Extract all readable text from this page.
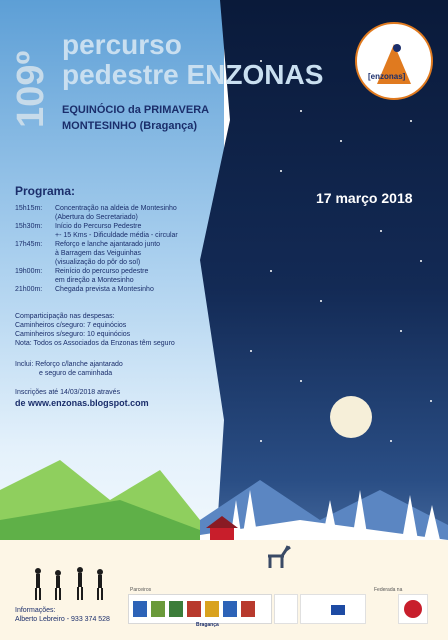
109º
percurso
pedestre ENZONAS
EQUINÓCIO da PRIMAVERA
MONTESINHO (Bragança)
[enzonas]
17 março 2018
Programa:
15h15m:	Concentração na aldeia de Montesinho
(Abertura do Secretariado)
15h30m:	Início do Percurso Pedestre
+- 15 Kms - Dificuldade média - circular
17h45m:	Reforço e lanche ajantarado junto
à Barragem das Veiguinhas
(visualização do pôr do sol)
19h00m:	Reinício do percurso pedestre
em direção a Montesinho
21h00m:	Chegada prevista a Montesinho
Comparticipação nas despesas:
Caminheiros c/seguro: 7 equinócios
Caminheiros s/seguro: 10 equinócios
Nota: Todos os Associados da Enzonas têm seguro
Inclui: Reforço c/lanche ajantarado
e seguro de caminhada
Inscrições até 14/03/2018 através
de www.enzonas.blogspot.com
Informações:
Alberto Lebreiro - 933 374 528
Parceiros
Bragança
Federada na
